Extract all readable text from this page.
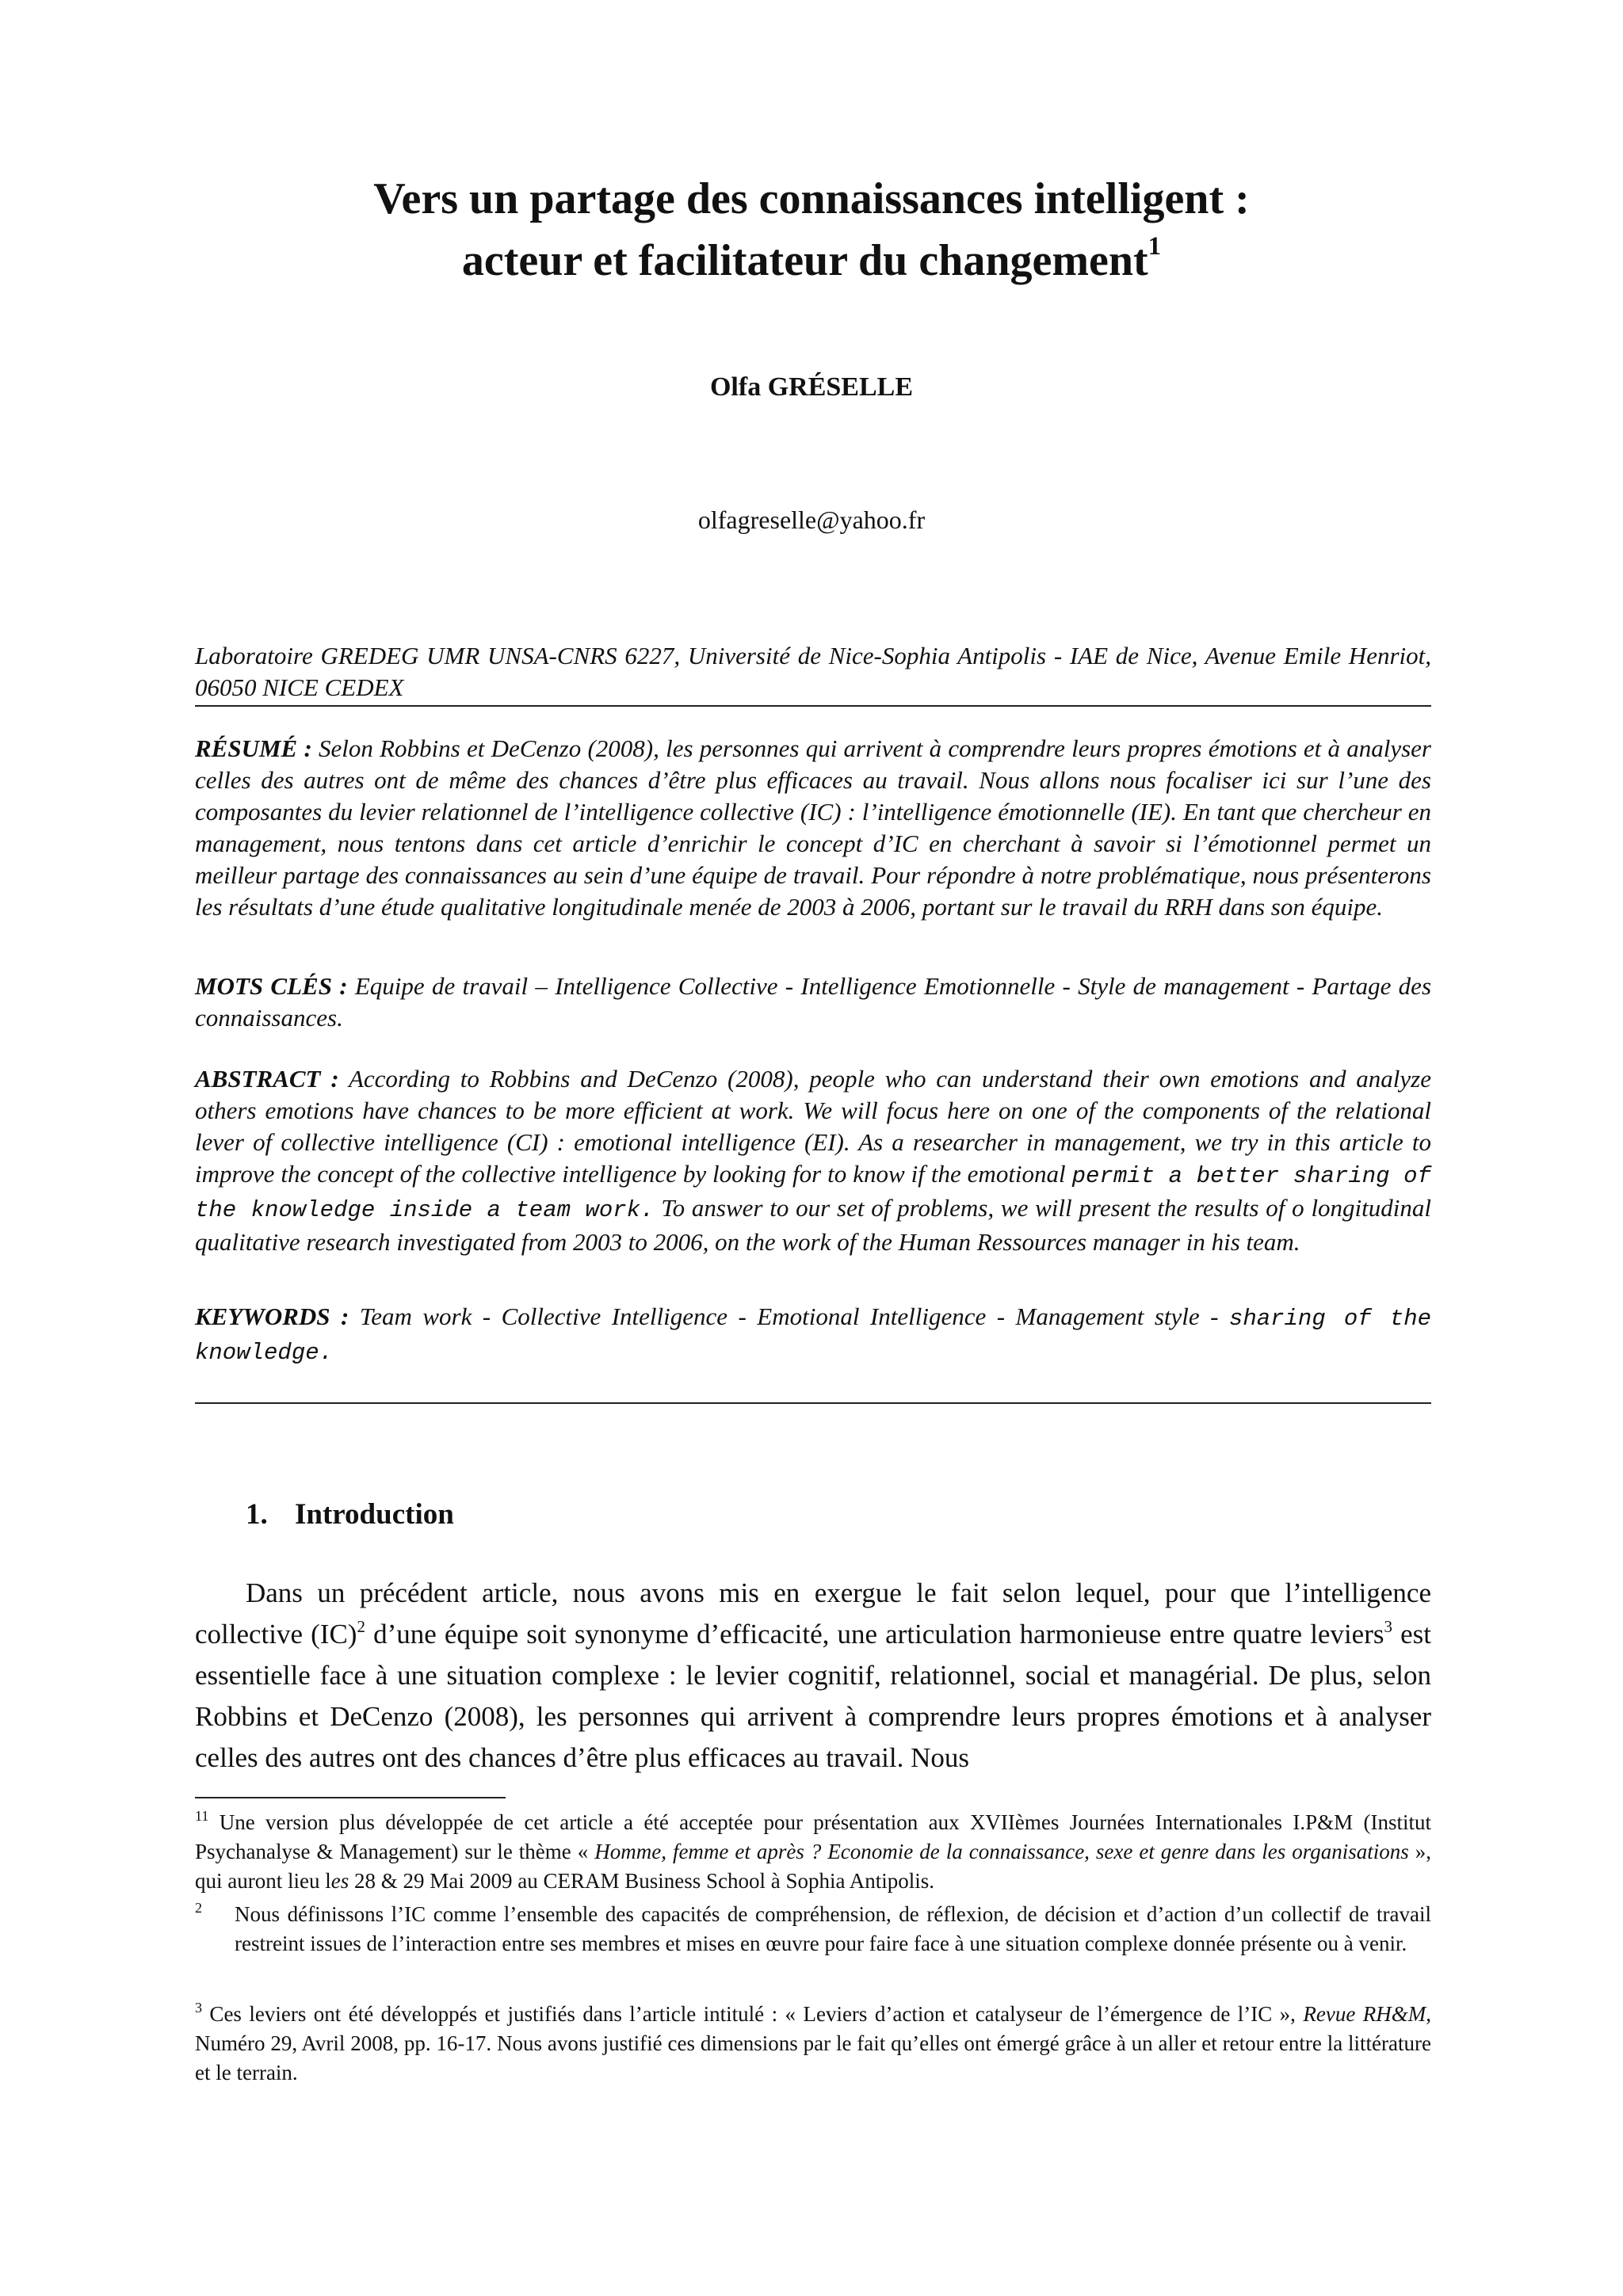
Vers un partage des connaissances intelligent :
acteur et facilitateur du changement$^1$

Olfa GRÉSELLE

olfagreselle@yahoo.fr

Laboratoire GREDEG UMR UNSA-CNRS 6227, Université de Nice-Sophia Antipolis - IAE de Nice, Avenue Emile Henriot, 06050 NICE CEDEX

RÉSUMÉ : Selon Robbins et DeCenzo (2008), les personnes qui arrivent à comprendre leurs propres émotions et à analyser celles des autres ont de même des chances d’être plus efficaces au travail. Nous allons nous focaliser ici sur l’une des composantes du levier relationnel de l’intelligence collective (IC) : l’intelligence émotionnelle (IE). En tant que chercheur en management, nous tentons dans cet article d’enrichir le concept d’IC en cherchant à savoir si l’émotionnel permet un meilleur partage des connaissances au sein d’une équipe de travail. Pour répondre à notre problématique, nous présenterons les résultats d’une étude qualitative longitudinale menée de 2003 à 2006, portant sur le travail du RRH dans son équipe.

MOTS CLÉS : Equipe de travail – Intelligence Collective - Intelligence Emotionnelle - Style de management - Partage des connaissances.

ABSTRACT : According to Robbins and DeCenzo (2008), people who can understand their own emotions and analyze others emotions have chances to be more efficient at work. We will focus here on one of the components of the relational lever of collective intelligence (CI) : emotional intelligence (EI). As a researcher in management, we try in this article to improve the concept of the collective intelligence by looking for to know if the emotional permit a better sharing of the knowledge inside a team work. To answer to our set of problems, we will present the results of o longitudinal qualitative research investigated from 2003 to 2006, on the work of the Human Ressources manager in his team.

KEYWORDS : Team work - Collective Intelligence - Emotional Intelligence - Management style - sharing of the knowledge.

1. Introduction

Dans un précédent article, nous avons mis en exergue le fait selon lequel, pour que l’intelligence collective (IC)$^2$ d’une équipe soit synonyme d’efficacité, une articulation harmonieuse entre quatre leviers$^3$ est essentielle face à une situation complexe : le levier cognitif, relationnel, social et managérial. De plus, selon Robbins et DeCenzo (2008), les personnes qui arrivent à comprendre leurs propres émotions et à analyser celles des autres ont des chances d’être plus efficaces au travail. Nous

$^{11}$ Une version plus développée de cet article a été acceptée pour présentation aux XVIIèmes Journées Internationales I.P&M (Institut Psychanalyse & Management) sur le thème « Homme, femme et après ? Economie de la connaissance, sexe et genre dans les organisations », qui auront lieu les 28 & 29 Mai 2009 au CERAM Business School à Sophia Antipolis.

$^2$ Nous définissons l’IC comme l’ensemble des capacités de compréhension, de réflexion, de décision et d’action d’un collectif de travail restreint issues de l’interaction entre ses membres et mises en œuvre pour faire face à une situation complexe donnée présente ou à venir.

$^3$ Ces leviers ont été développés et justifiés dans l’article intitulé : « Leviers d’action et catalyseur de l’émergence de l’IC », Revue RH&M, Numéro 29, Avril 2008, pp. 16-17. Nous avons justifié ces dimensions par le fait qu’elles ont émergé grâce à un aller et retour entre la littérature et le terrain.
